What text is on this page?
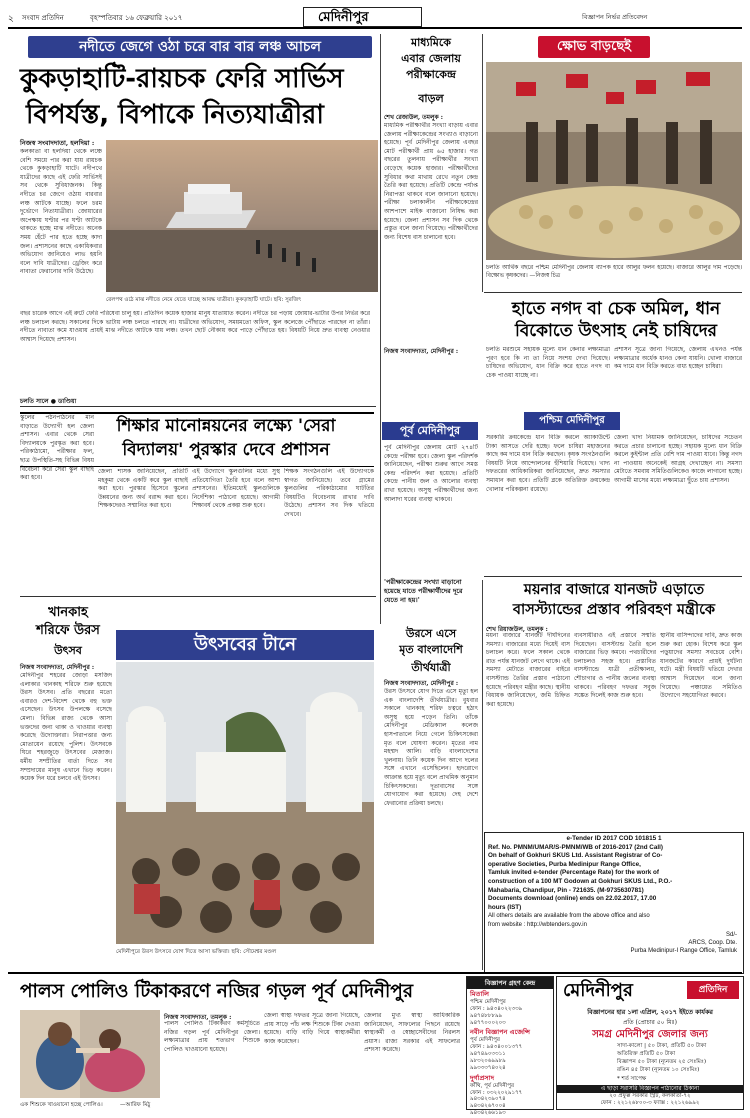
২ সংবাদ প্রতিদিন	বৃহস্পতিবার ১৬ ফেব্রুয়ারি ২০১৭	মেদিনীপুর	বিজ্ঞাপন নির্ভর প্রতিবেদন
নদীতে জেগে ওঠা চরে বার বার লঞ্চ আচল
কুকড়াহাটি-রায়চক ফেরি সার্ভিস
বিপর্যস্ত, বিপাকে নিত্যযাত্রীরা
নিজস্ব সংবাদদাতা, হলদিয়া :
কলকাতা বা হলদিয়া থেকে লঞ্চে বেশি সময়ে পার করা যায় রায়চক থেকে কুকড়াহাটি ঘাটে। নদীপথে যাত্রীদের কাছে এই ফেরি সার্ভিসই সব থেকে সুবিধাজনক। কিন্তু নদীতে চর জেগে ওঠায় বারবার লঞ্চ আটকে যাচ্ছে। ফলে চরম দুর্ভোগে নিত্যযাত্রীরা। জোয়ারের অপেক্ষায় ঘণ্টার পর ঘণ্টা আটকে থাকতে হচ্ছে মাঝ নদীতে। অনেক সময় হেঁটে পার হতে হচ্ছে কাদা জল। প্রশাসনের কাছে একাধিকবার অভিযোগ জানিয়েও লাভ হয়নি বলে দাবি যাত্রীদের। ড্রেজিং করে নাব্যতা ফেরানোর দাবি উঠেছে।
রেলপথ ওঠে মাঝ নদীতে নেমে যেতে যাচ্ছে আবদ্ধ যাত্রীরা। কুকড়াহাটি ঘাটে। ছবি: সুরজিৎ
বছর চারেক আগে এই রুটে ফেরি পরিষেবা চালু হয়। প্রতিদিন কয়েক হাজার মানুষ যাতায়াত করেন। নদীতে চর পড়ায় জোয়ার-ভাটার উপর নির্ভর করে লঞ্চ চলাচল করছে। সকালের দিকে ভাটায় লঞ্চ চলতে পারছে না। যাত্রীদের অভিযোগ, সময়মতো অফিস, স্কুল কলেজে পৌঁছাতে পারছেন না তাঁরা। নদীতে নাব্যতা কমে যাওয়ায় প্রায়ই মাঝ নদীতে আটকে যায় লঞ্চ। তখন ছোট নৌকায় করে পাড়ে পৌঁছাতে হয়। বিষয়টি নিয়ে দ্রুত ব্যবস্থা নেওয়ার আশ্বাস দিয়েছে প্রশাসন।
চলতি সালে ● ডাণ্ডিয়া
মাধ্যমিকে
এবার জেলায়
পরীক্ষাকেন্দ্র
বাড়ল
শেখ রেজাউল, তমলুক :
মাধ্যমিক পরীক্ষার্থীর সংখ্যা বাড়ায় এবার জেলায় পরীক্ষাকেন্দ্রের সংখ্যাও বাড়ানো হয়েছে। পূর্ব মেদিনীপুর জেলায় এবছর মোট পরীক্ষার্থী প্রায় ৬৫ হাজার। গত বছরের তুলনায় পরীক্ষার্থীর সংখ্যা বেড়েছে কয়েক হাজার। পরীক্ষার্থীদের সুবিধার কথা মাথায় রেখে নতুন কেন্দ্র তৈরি করা হয়েছে। প্রতিটি কেন্দ্রে পর্যাপ্ত নিরাপত্তা থাকবে বলে জানানো হয়েছে। পরীক্ষা চলাকালীন পরীক্ষাকেন্দ্রের আশপাশে মাইক বাজানো নিষিদ্ধ করা হয়েছে। জেলা প্রশাসন সব দিক থেকে প্রস্তুত বলে জানা গিয়েছে। পরীক্ষার্থীদের জন্য বিশেষ বাস চালানো হবে।
পূর্ব মেদিনীপুর
পূর্ব মেদিনীপুর জেলায় মোট ২৭৪টি কেন্দ্রে পরীক্ষা হবে। জেলা স্কুল পরিদর্শক জানিয়েছেন, পরীক্ষা শুরুর আগে সমস্ত কেন্দ্র পরিদর্শন করা হয়েছে। প্রতিটি কেন্দ্রে পানীয় জল ও আলোর ব্যবস্থা রাখা হয়েছে। অসুস্থ পরীক্ষার্থীদের জন্য আলাদা ঘরের ব্যবস্থা থাকবে।
'পরীক্ষাকেন্দ্রের সংখ্যা বাড়ানো হয়েছে যাতে পরীক্ষার্থীদের দূরে যেতে না হয়।'
ক্ষোভ বাড়ছেই
চলতি আর্থিক বছরে পশ্চিম মেদিনীপুর জেলায় ব্যাপক হারে আলুর ফলন হয়েছে। বাজারে আলুর দাম পড়েছে। বিক্ষোভ কৃষকদের। —নিজস্ব চিত্র
হাতে নগদ বা চেক অমিল, ধান
বিকোতে উৎসাহ নেই চাষিদের
নিজস্ব সংবাদদাতা, মেদিনীপুর :	চলতি মরশুমে সহায়ক মূল্যে ধান কেনার লক্ষ্যমাত্রা পূরণ হবে কি না তা নিয়ে সংশয় দেখা দিয়েছে। চাষিদের অভিযোগ, ধান বিক্রি করে হাতে নগদ বা চেক পাওয়া যাচ্ছে না।
প্রশাসন সূত্রে জানা গিয়েছে, জেলায় এখনও পর্যন্ত লক্ষ্যমাত্রার অর্ধেক ধানও কেনা যায়নি। খোলা বাজারে কম দামে ধান বিক্রি করতে বাধ্য হচ্ছেন চাষিরা।
পশ্চিম মেদিনীপুর
সরকারি ক্রয়কেন্দ্রে ধান বিক্রি করলে অ্যাকাউন্টে টাকা আসতে দেরি হচ্ছে। ফলে চাষিরা মহাজনের কাছে কম দামে ধান বিক্রি করছেন। কৃষক সংগঠনগুলি বিষয়টি নিয়ে আন্দোলনের হুঁশিয়ারি দিয়েছে। খাদ্য দফতরের আধিকারিকরা জানিয়েছেন, দ্রুত সমস্যার সমাধান করা হবে। প্রতিটি ব্লকে অতিরিক্ত ক্রয়কেন্দ্র খোলার পরিকল্পনা রয়েছে।
জেলা খাদ্য নিয়ামক জানিয়েছেন, চাষিদের সচেতন করতে প্রচার চালানো হচ্ছে। সহায়ক মূল্যে ধান বিক্রি করলে কুইন্টাল প্রতি বেশি দাম পাওয়া যাবে। কিন্তু নগদ না পাওয়ায় অনেকেই আগ্রহ দেখাচ্ছেন না। সমস্যা মেটাতে সমবায় সমিতিগুলিকেও কাজে লাগানো হচ্ছে। আগামী মাসের মধ্যে লক্ষ্যমাত্রা ছুঁতে চায় প্রশাসন।
ময়নার বাজারে যানজট এড়াতে
বাসস্ট্যান্ডের প্রস্তাব পরিবহণ মন্ত্রীকে
শেখ রিয়াজউল, তমলুক :
ময়না বাজারে যানজট দীর্ঘদিনের সমস্যা। বাজারের মধ্যে দিয়েই বাস চলাচল করে। ফলে সকাল থেকে রাত পর্যন্ত যানজট লেগে থাকে। এই সমস্যা মেটাতে বাজারের বাইরে বাসস্ট্যান্ড তৈরির প্রস্তাব পাঠানো হয়েছে পরিবহণ মন্ত্রীর কাছে। স্থানীয় বিধায়ক জানিয়েছেন, জমি চিহ্নিত করা হয়েছে।
ব্যবসায়ীরাও এই প্রস্তাবে সম্মতি দিয়েছেন। বাসস্ট্যান্ড তৈরি হলে বাজারের ভিড় কমবে। পথচারীদের চলাচলও সহজ হবে। প্রস্তাবিত বাসস্ট্যান্ডে যাত্রী প্রতীক্ষালয়, শৌচাগার ও পানীয় জলের ব্যবস্থা থাকবে। পরিবহণ দফতর সবুজ সঙ্কেত দিলেই কাজ শুরু হবে।
স্থানীয় বাসিন্দাদের দাবি, দ্রুত কাজ শুরু করা হোক। বিশেষ করে স্কুল পড়ুয়াদের সমস্যা সবচেয়ে বেশি। যানজটের কারণে প্রায়ই দুর্ঘটনা ঘটে। মন্ত্রী বিষয়টি খতিয়ে দেখার আশ্বাস দিয়েছেন বলে জানা গিয়েছে। পঞ্চায়েত সমিতিও উদ্যোগে সহযোগিতা করবে।
e-Tender ID 2017 COD 101815 1
Ref. No. PMNM/UMAR/S-PMNM/WB of 2016-2017 (2nd Call)
On behalf of Gokhuri SKUS Ltd. Assistant Registrar of Co-
operative Societies, Purba Medinipur Range Office,
Tamluk invited e-tender (Percentage Rate) for the work of
construction of a 100 MT Godown at Gokhuri SKUS Ltd., P.O.-
Mahabaria, Chandipur, Pin - 721635. (M-9735630781)
Documents download (online) ends on 22.02.2017, 17.00
hours (IST)
All others details are available from the above office and also
from website : http://wbtenders.gov.in
Sd/-
ARCS, Coop. Dte.
Purba Medinipur-I Range Office, Tamluk
শিক্ষার মানোন্নয়নের লক্ষ্যে 'সেরা
বিদ্যালয়' পুরস্কার দেবে প্রশাসন
স্কুলের পঠনপাঠনের মান বাড়াতে উদ্যোগী হল জেলা প্রশাসন। এবার থেকে সেরা বিদ্যালয়কে পুরস্কৃত করা হবে। পরিকাঠামো, পরীক্ষার ফল, ছাত্র উপস্থিতি-সহ বিভিন্ন বিষয় বিবেচনা করে সেরা স্কুল বাছাই করা হবে।
জেলা শাসক জানিয়েছেন, প্রতিটি মহকুমা থেকে একটি করে স্কুল বাছাই করা হবে। পুরস্কার হিসেবে স্কুলের উন্নয়নের জন্য অর্থ বরাদ্দ করা হবে। শিক্ষকদেরও সম্মানিত করা হবে।
এই উদ্যোগে স্কুলগুলির মধ্যে সুস্থ প্রতিযোগিতা তৈরি হবে বলে আশা প্রশাসনের। ইতিমধ্যেই স্কুলগুলিকে নির্দেশিকা পাঠানো হয়েছে। আগামী শিক্ষাবর্ষ থেকে প্রকল্প শুরু হবে।
শিক্ষক সংগঠনগুলি এই উদ্যোগকে স্বাগত জানিয়েছে। তবে গ্রামের স্কুলগুলির পরিকাঠামোর ঘাটতির বিষয়টিও বিবেচনায় রাখার দাবি উঠেছে। প্রশাসন সব দিক খতিয়ে দেখবে।
খানকাহ
শরিফে উরস
উৎসব
নিজস্ব সংবাদদাতা, মেদিনীপুর :
মেদিনীপুর শহরের জোড়া মসজিদ এলাকার খানকাহ শরিফে শুরু হয়েছে উরস উৎসব। প্রতি বছরের মতো এবারও দেশ-বিদেশ থেকে বহু ভক্ত এসেছেন। উৎসব উপলক্ষে বসেছে মেলা। বিভিন্ন রাজ্য থেকে আসা ভক্তদের জন্য থাকা ও খাওয়ার ব্যবস্থা করেছে উদ্যোক্তারা। নিরাপত্তার জন্য মোতায়েন রয়েছে পুলিশ। উৎসবকে ঘিরে শহরজুড়ে উৎসবের মেজাজ। ধর্মীয় সম্প্রীতির বার্তা দিতে সব সম্প্রদায়ের মানুষ এখানে ভিড় করেন। কয়েক দিন ধরে চলবে এই উৎসব।
উৎসবের টানে
মেদিনীপুরে উরস উৎসবে যোগ দিতে আসা ভক্তিরা। ছবি: সৌমেশ্বর মণ্ডল
উরসে এসে
মৃত বাংলাদেশি
তীর্থযাত্রী
নিজস্ব সংবাদদাতা, মেদিনীপুর :
উরস উৎসবে যোগ দিতে এসে মৃত্যু হল এক বাংলাদেশি তীর্থযাত্রীর। বুধবার সকালে খানকাহ শরিফ চত্বরে হঠাৎ অসুস্থ হয়ে পড়েন তিনি। তাঁকে মেদিনীপুর মেডিক্যাল কলেজ হাসপাতালে নিয়ে গেলে চিকিৎসকেরা মৃত বলে ঘোষণা করেন। মৃতের নাম মহম্মদ আলি। বাড়ি বাংলাদেশের খুলনায়। তিনি কয়েক দিন আগে দলের সঙ্গে এখানে এসেছিলেন। হৃদরোগে আক্রান্ত হয়ে মৃত্যু বলে প্রাথমিক অনুমান চিকিৎসকদের। দূতাবাসের সঙ্গে যোগাযোগ করা হয়েছে। দেহ দেশে ফেরানোর প্রক্রিয়া চলছে।
পালস পোলিও টিকাকরণে নজির গড়ল পূর্ব মেদিনীপুর
এক শিশুকে খাওয়ানো হচ্ছে পোলিও।	—আরিফ মিঠু
নিজস্ব সংবাদদাতা, তমলুক :
পালস পোলিও টিকাকরণ কর্মসূচিতে নজির গড়ল পূর্ব মেদিনীপুর জেলা। লক্ষ্যমাত্রার প্রায় শতভাগ শিশুকে পোলিও খাওয়ানো হয়েছে।
জেলা স্বাস্থ্য দফতর সূত্রে জানা গিয়েছে, প্রায় সাড়ে পাঁচ লক্ষ শিশুকে টিকা দেওয়া হয়েছে। বাড়ি বাড়ি গিয়ে স্বাস্থ্যকর্মীরা কাজ করেছেন।
জেলার মুখ্য স্বাস্থ্য আধিকারিক জানিয়েছেন, সাফল্যের পিছনে রয়েছে স্বাস্থ্যকর্মী ও স্বেচ্ছাসেবীদের নিরলস প্রয়াস। রাজ্য সরকার এই সাফল্যের প্রশংসা করেছে।
বিজ্ঞাপন গ্রহণ কেন্দ্র
মিতালি
পশ্চিম মেদিনীপুর
ফোন : ৯৪৩৪০২২৩৩৯
৯৪৭৪৮৮৮৯৯
৯৪৭৭০০০২০৩
নবীন বিজ্ঞাপন এজেন্সি
পূর্ব মেদিনীপুর
ফোন : ৯৪৩৪০০১৩৭৭
৯৪৭৪৯০৩৩১১
৯৮৩২০৬৯৯৮৯
৯৯৩৩৩৭৪০২৪
দুর্গাপ্রসাদ
কাঁথি, পূর্ব মেদিনীপুর
ফোন : ০৩২২০২৯১৭৭
৯৪৩৪২৩৯০৭৪
৯৪৩৪২৬৭০০৪
৯৪৩৪২৬৬১৯৩
মেদিনীপুর	প্রতিদিন
বিজ্ঞাপনের হার ১লা এপ্রিল, ২০১৭ ইইতে কার্যকর
প্রতি (প্রোচার ৫০ মিঃ)
সমগ্র মেদিনীপুর জেলার জন্য
সাদা-কালো | ৫০ টাকা, প্রতিটি ৫০ টাকা
অতিরিক্ত প্রতিটি ৫০ টাকা
বিজ্ঞাপন ৫০ টাকা (ন্যূনতম ২৫ সেঃমিঃ)
রঙিন ৪৫ টাকা (ন্যূনতম ১০ সেঃমিঃ)
* শর্ত সাপেক্ষ
এ ছাড়া সরাসরি বিজ্ঞাপন পাঠানোর ঠিকানা
২০ প্রফুল্ল সরকার স্ট্রিট, কলকাতা-৭২
ফোন : ২২১২৬৮০০-৩ ফ্যাক্স : ২২১২৬৯৯২
